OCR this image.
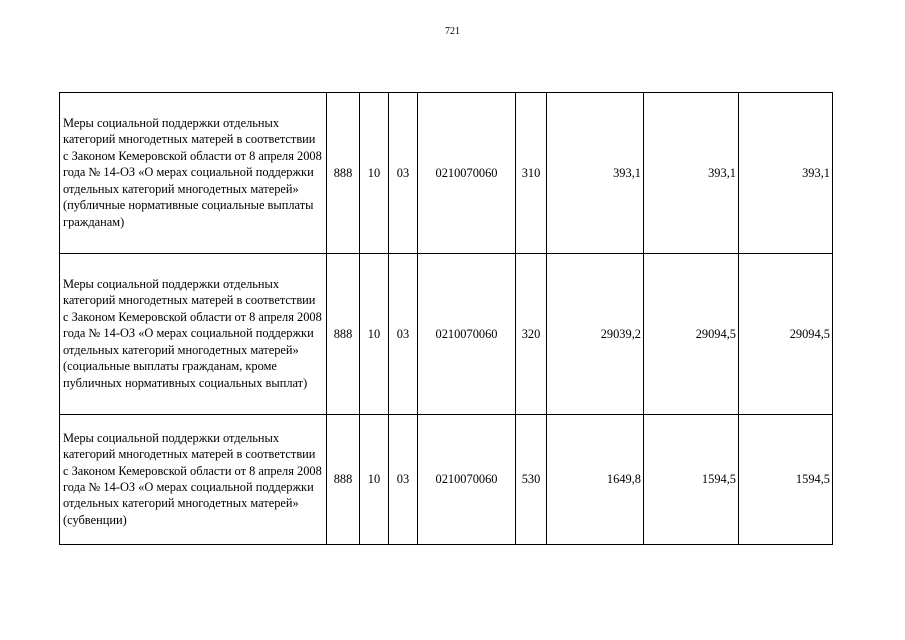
721
Меры социальной поддержки отдельных категорий многодетных матерей в соответствии с Законом Кемеровской области от 8 апреля 2008 года № 14-ОЗ «О мерах социальной поддержки отдельных категорий многодетных матерей» (публичные нормативные социальные выплаты гражданам)	888	10	03	0210070060	310	393,1	393,1	393,1
Меры социальной поддержки отдельных категорий многодетных матерей в соответствии с Законом Кемеровской области от 8 апреля 2008 года № 14-ОЗ «О мерах социальной поддержки отдельных категорий многодетных матерей» (социальные выплаты гражданам, кроме публичных нормативных социальных выплат)	888	10	03	0210070060	320	29039,2	29094,5	29094,5
Меры социальной поддержки отдельных категорий многодетных матерей в соответствии с Законом Кемеровской области от 8 апреля 2008 года № 14-ОЗ «О мерах социальной поддержки отдельных категорий многодетных матерей» (субвенции)	888	10	03	0210070060	530	1649,8	1594,5	1594,5
